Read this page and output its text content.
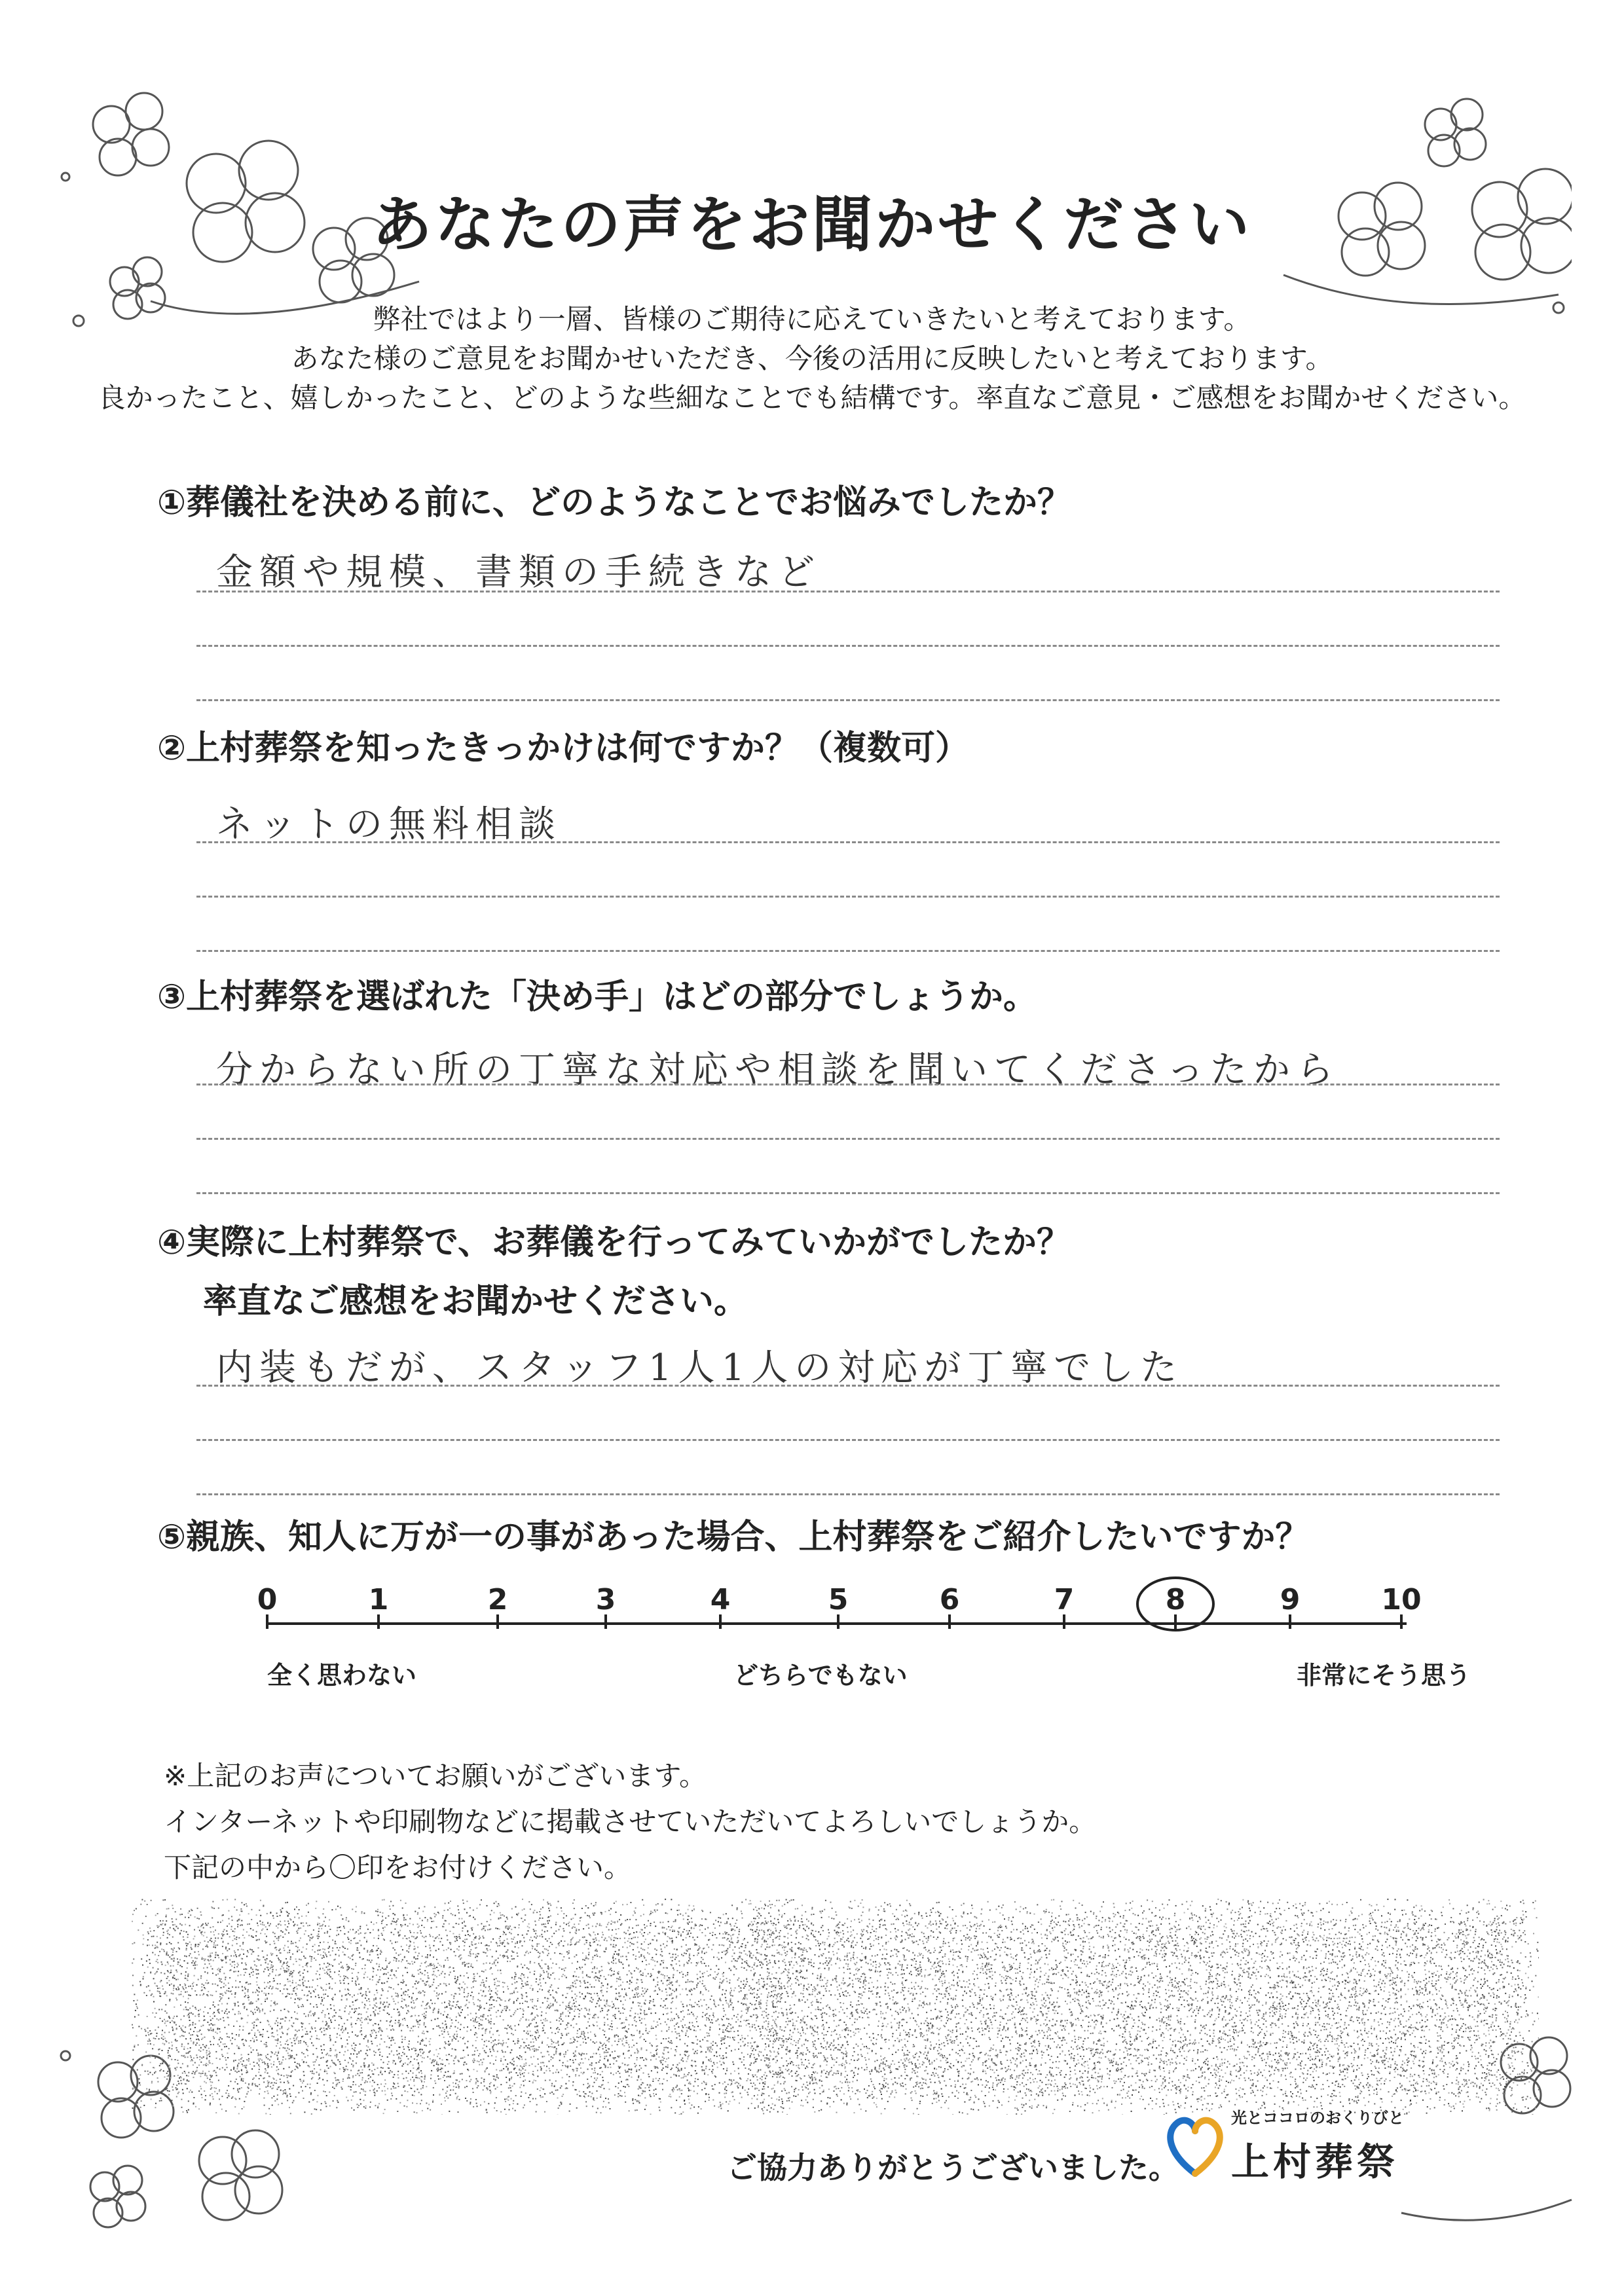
あなたの声をお聞かせください
弊社ではより一層、皆様のご期待に応えていきたいと考えております。
あなた様のご意見をお聞かせいただき、今後の活用に反映したいと考えております。
良かったこと、嬉しかったこと、どのような些細なことでも結構です。率直なご意見・ご感想をお聞かせください。
①葬儀社を決める前に、どのようなことでお悩みでしたか？
金額や規模、書類の手続きなど
②上村葬祭を知ったきっかけは何ですか？（複数可）
ネットの無料相談
③上村葬祭を選ばれた「決め手」はどの部分でしょうか。
分からない所の丁寧な対応や相談を聞いてくださったから
④実際に上村葬祭で、お葬儀を行ってみていかがでしたか？
率直なご感想をお聞かせください。
内装もだが、スタッフ1人1人の対応が丁寧でした
⑤親族、知人に万が一の事があった場合、上村葬祭をご紹介したいですか？
0	1	2	3	4	5	6	7	8	9	10
全く思わない	どちらでもない	非常にそう思う
※上記のお声についてお願いがございます。
インターネットや印刷物などに掲載させていただいてよろしいでしょうか。
下記の中から〇印をお付けください。
ご協力ありがとうございました。
光とココロのおくりびと
上村葬祭
